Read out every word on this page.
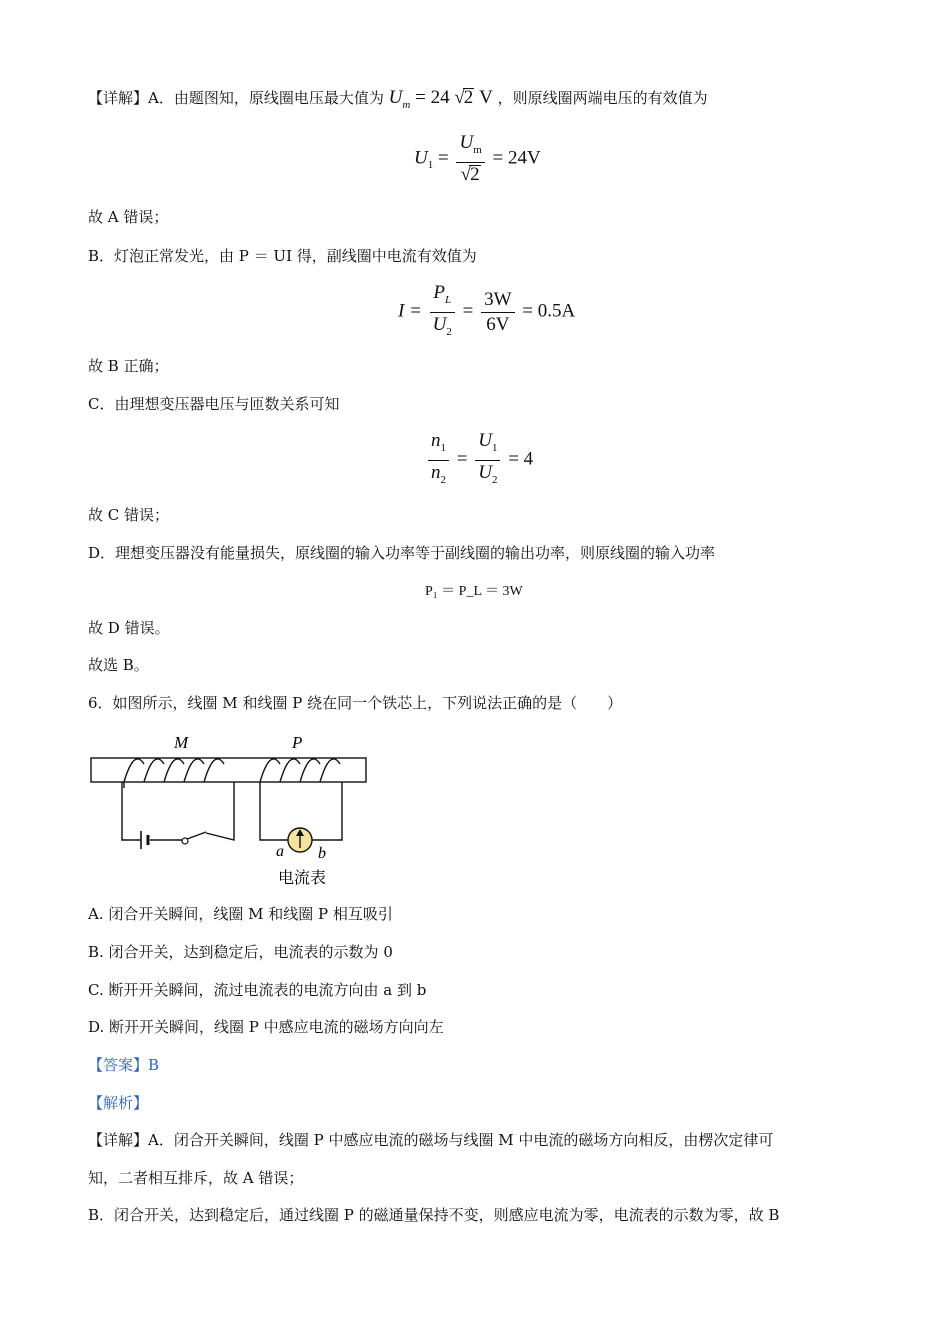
【详解】A．由题图知，原线圈电压最大值为 $U_m = 24$ √2 V ，则原线圈两端电压的有效值为
$U_1 = \frac{U_m}{√2} = 24V$
故 A 错误；
B．灯泡正常发光，由 P ＝ UI 得，副线圈中电流有效值为
$I = \frac{P_L}{U_2} = \frac{3W}{6V} = 0.5A$
故 B 正确；
C．由理想变压器电压与匝数关系可知
$\frac{n_1}{n_2} = \frac{U_1}{U_2} = 4$
故 C 错误；
D．理想变压器没有能量损失，原线圈的输入功率等于副线圈的输出功率，则原线圈的输入功率
P₁ ＝ P_L ＝ 3W
故 D 错误。
故选 B。
6．如图所示，线圈 M 和线圈 P 绕在同一个铁芯上，下列说法正确的是（　　）
M	P
a b
电流表
A. 闭合开关瞬间，线圈 M 和线圈 P 相互吸引
B. 闭合开关，达到稳定后，电流表的示数为 0
C. 断开开关瞬间，流过电流表的电流方向由 a 到 b
D. 断开开关瞬间，线圈 P 中感应电流的磁场方向向左
【答案】B
【解析】
【详解】A．闭合开关瞬间，线圈 P 中感应电流的磁场与线圈 M 中电流的磁场方向相反，由楞次定律可
知，二者相互排斥，故 A 错误；
B．闭合开关，达到稳定后，通过线圈 P 的磁通量保持不变，则感应电流为零，电流表的示数为零，故 B
